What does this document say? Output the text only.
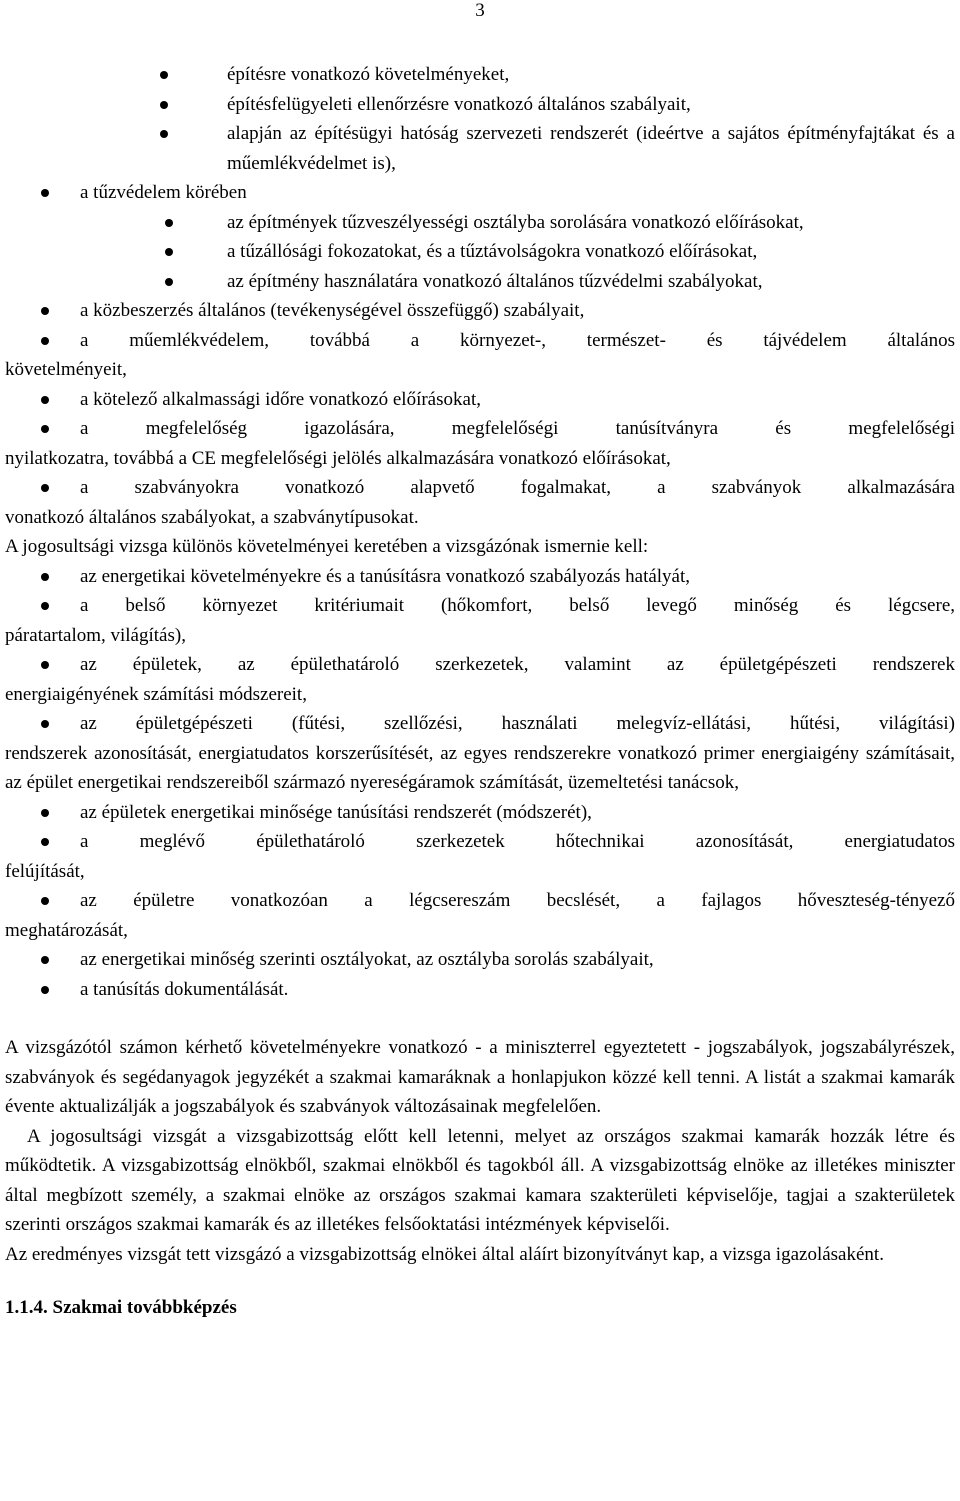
3
építésre vonatkozó követelményeket,
építésfelügyeleti ellenőrzésre vonatkozó általános szabályait,
alapján az építésügyi hatóság szervezeti rendszerét (ideértve a sajátos építményfajtákat és a műemlékvédelmet is),
a tűzvédelem körében
az építmények tűzveszélyességi osztályba sorolására vonatkozó előírásokat,
a tűzállósági fokozatokat, és a tűztávolságokra vonatkozó előírásokat,
az építmény használatára vonatkozó általános tűzvédelmi szabályokat,
a közbeszerzés általános (tevékenységével összefüggő) szabályait,
a műemlékvédelem, továbbá a környezet-, természet- és tájvédelem általános
követelményeit,
a kötelező alkalmassági időre vonatkozó előírásokat,
a megfelelőség igazolására, megfelelőségi tanúsítványra és megfelelőségi
nyilatkozatra, továbbá a CE megfelelőségi jelölés alkalmazására vonatkozó előírásokat,
a szabványokra vonatkozó alapvető fogalmakat, a szabványok alkalmazására
vonatkozó általános szabályokat, a szabványtípusokat.
A jogosultsági vizsga különös követelményei keretében a vizsgázónak ismernie kell:
az energetikai követelményekre és a tanúsításra vonatkozó szabályozás hatályát,
a belső környezet kritériumait (hőkomfort, belső levegő minőség és légcsere,
páratartalom, világítás),
az épületek, az épülethatároló szerkezetek, valamint az épületgépészeti rendszerek
energiaigényének számítási módszereit,
az épületgépészeti (fűtési, szellőzési, használati melegvíz-ellátási, hűtési, világítási)
rendszerek azonosítását, energiatudatos korszerűsítését, az egyes rendszerekre vonatkozó primer energiaigény számításait, az épület energetikai rendszereiből származó nyereségáramok számítását, üzemeltetési tanácsok,
az épületek energetikai minősége tanúsítási rendszerét (módszerét),
a meglévő épülethatároló szerkezetek hőtechnikai azonosítását, energiatudatos
felújítását,
az épületre vonatkozóan a légcsereszám becslését, a fajlagos hőveszteség-tényező
meghatározását,
az energetikai minőség szerinti osztályokat, az osztályba sorolás szabályait,
a tanúsítás dokumentálását.
A vizsgázótól számon kérhető követelményekre vonatkozó - a miniszterrel egyeztetett - jogszabályok, jogszabályrészek, szabványok és segédanyagok jegyzékét a szakmai kamaráknak a honlapjukon közzé kell tenni. A listát a szakmai kamarák évente aktualizálják a jogszabályok és szabványok változásainak megfelelően.
A jogosultsági vizsgát a vizsgabizottság előtt kell letenni, melyet az országos szakmai kamarák hozzák létre és működtetik. A vizsgabizottság elnökből, szakmai elnökből és tagokból áll. A vizsgabizottság elnöke az illetékes miniszter által megbízott személy, a szakmai elnöke az országos szakmai kamara szakterületi képviselője, tagjai a szakterületek szerinti országos szakmai kamarák és az illetékes felsőoktatási intézmények képviselői.
Az eredményes vizsgát tett vizsgázó a vizsgabizottság elnökei által aláírt bizonyítványt kap, a vizsga igazolásaként.
1.1.4. Szakmai továbbképzés
